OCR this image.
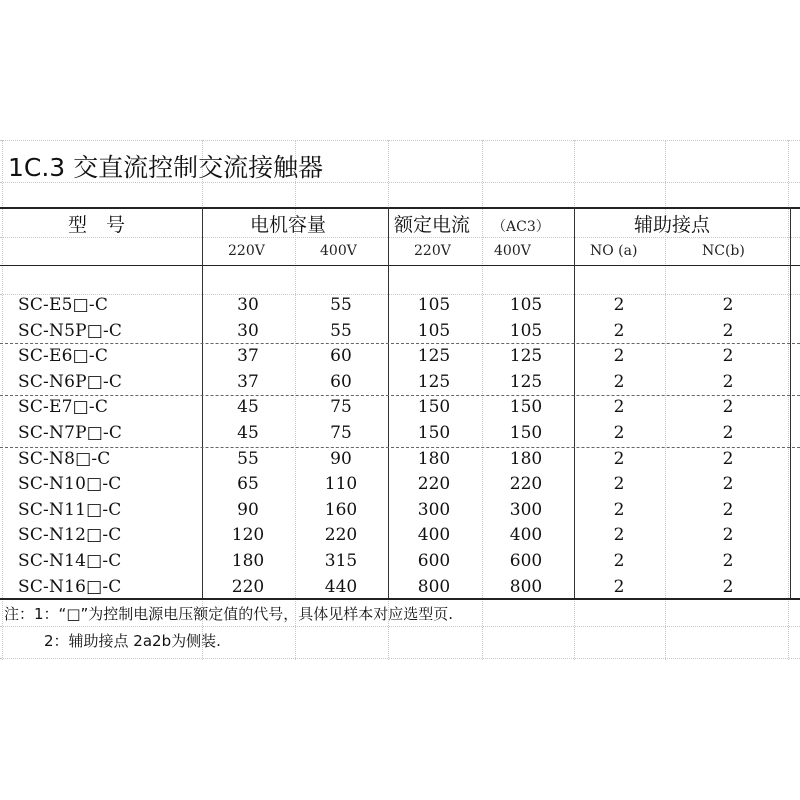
1C.3 交直流控制交流接触器
型　号	电机容量	额定电流 （AC3）	辅助接点
220V	400V	220V	400V	NO (a)	NC(b)
SC-E5□-C	30	55	105	105	2	2
SC-N5P□-C	30	55	105	105	2	2
SC-E6□-C	37	60	125	125	2	2
SC-N6P□-C	37	60	125	125	2	2
SC-E7□-C	45	75	150	150	2	2
SC-N7P□-C	45	75	150	150	2	2
SC-N8□-C	55	90	180	180	2	2
SC-N10□-C	65	110	220	220	2	2
SC-N11□-C	90	160	300	300	2	2
SC-N12□-C	120	220	400	400	2	2
SC-N14□-C	180	315	600	600	2	2
SC-N16□-C	220	440	800	800	2	2
注：1：“□”为控制电源电压额定值的代号，具体见样本对应选型页.
2：辅助接点 2a2b为侧装.
